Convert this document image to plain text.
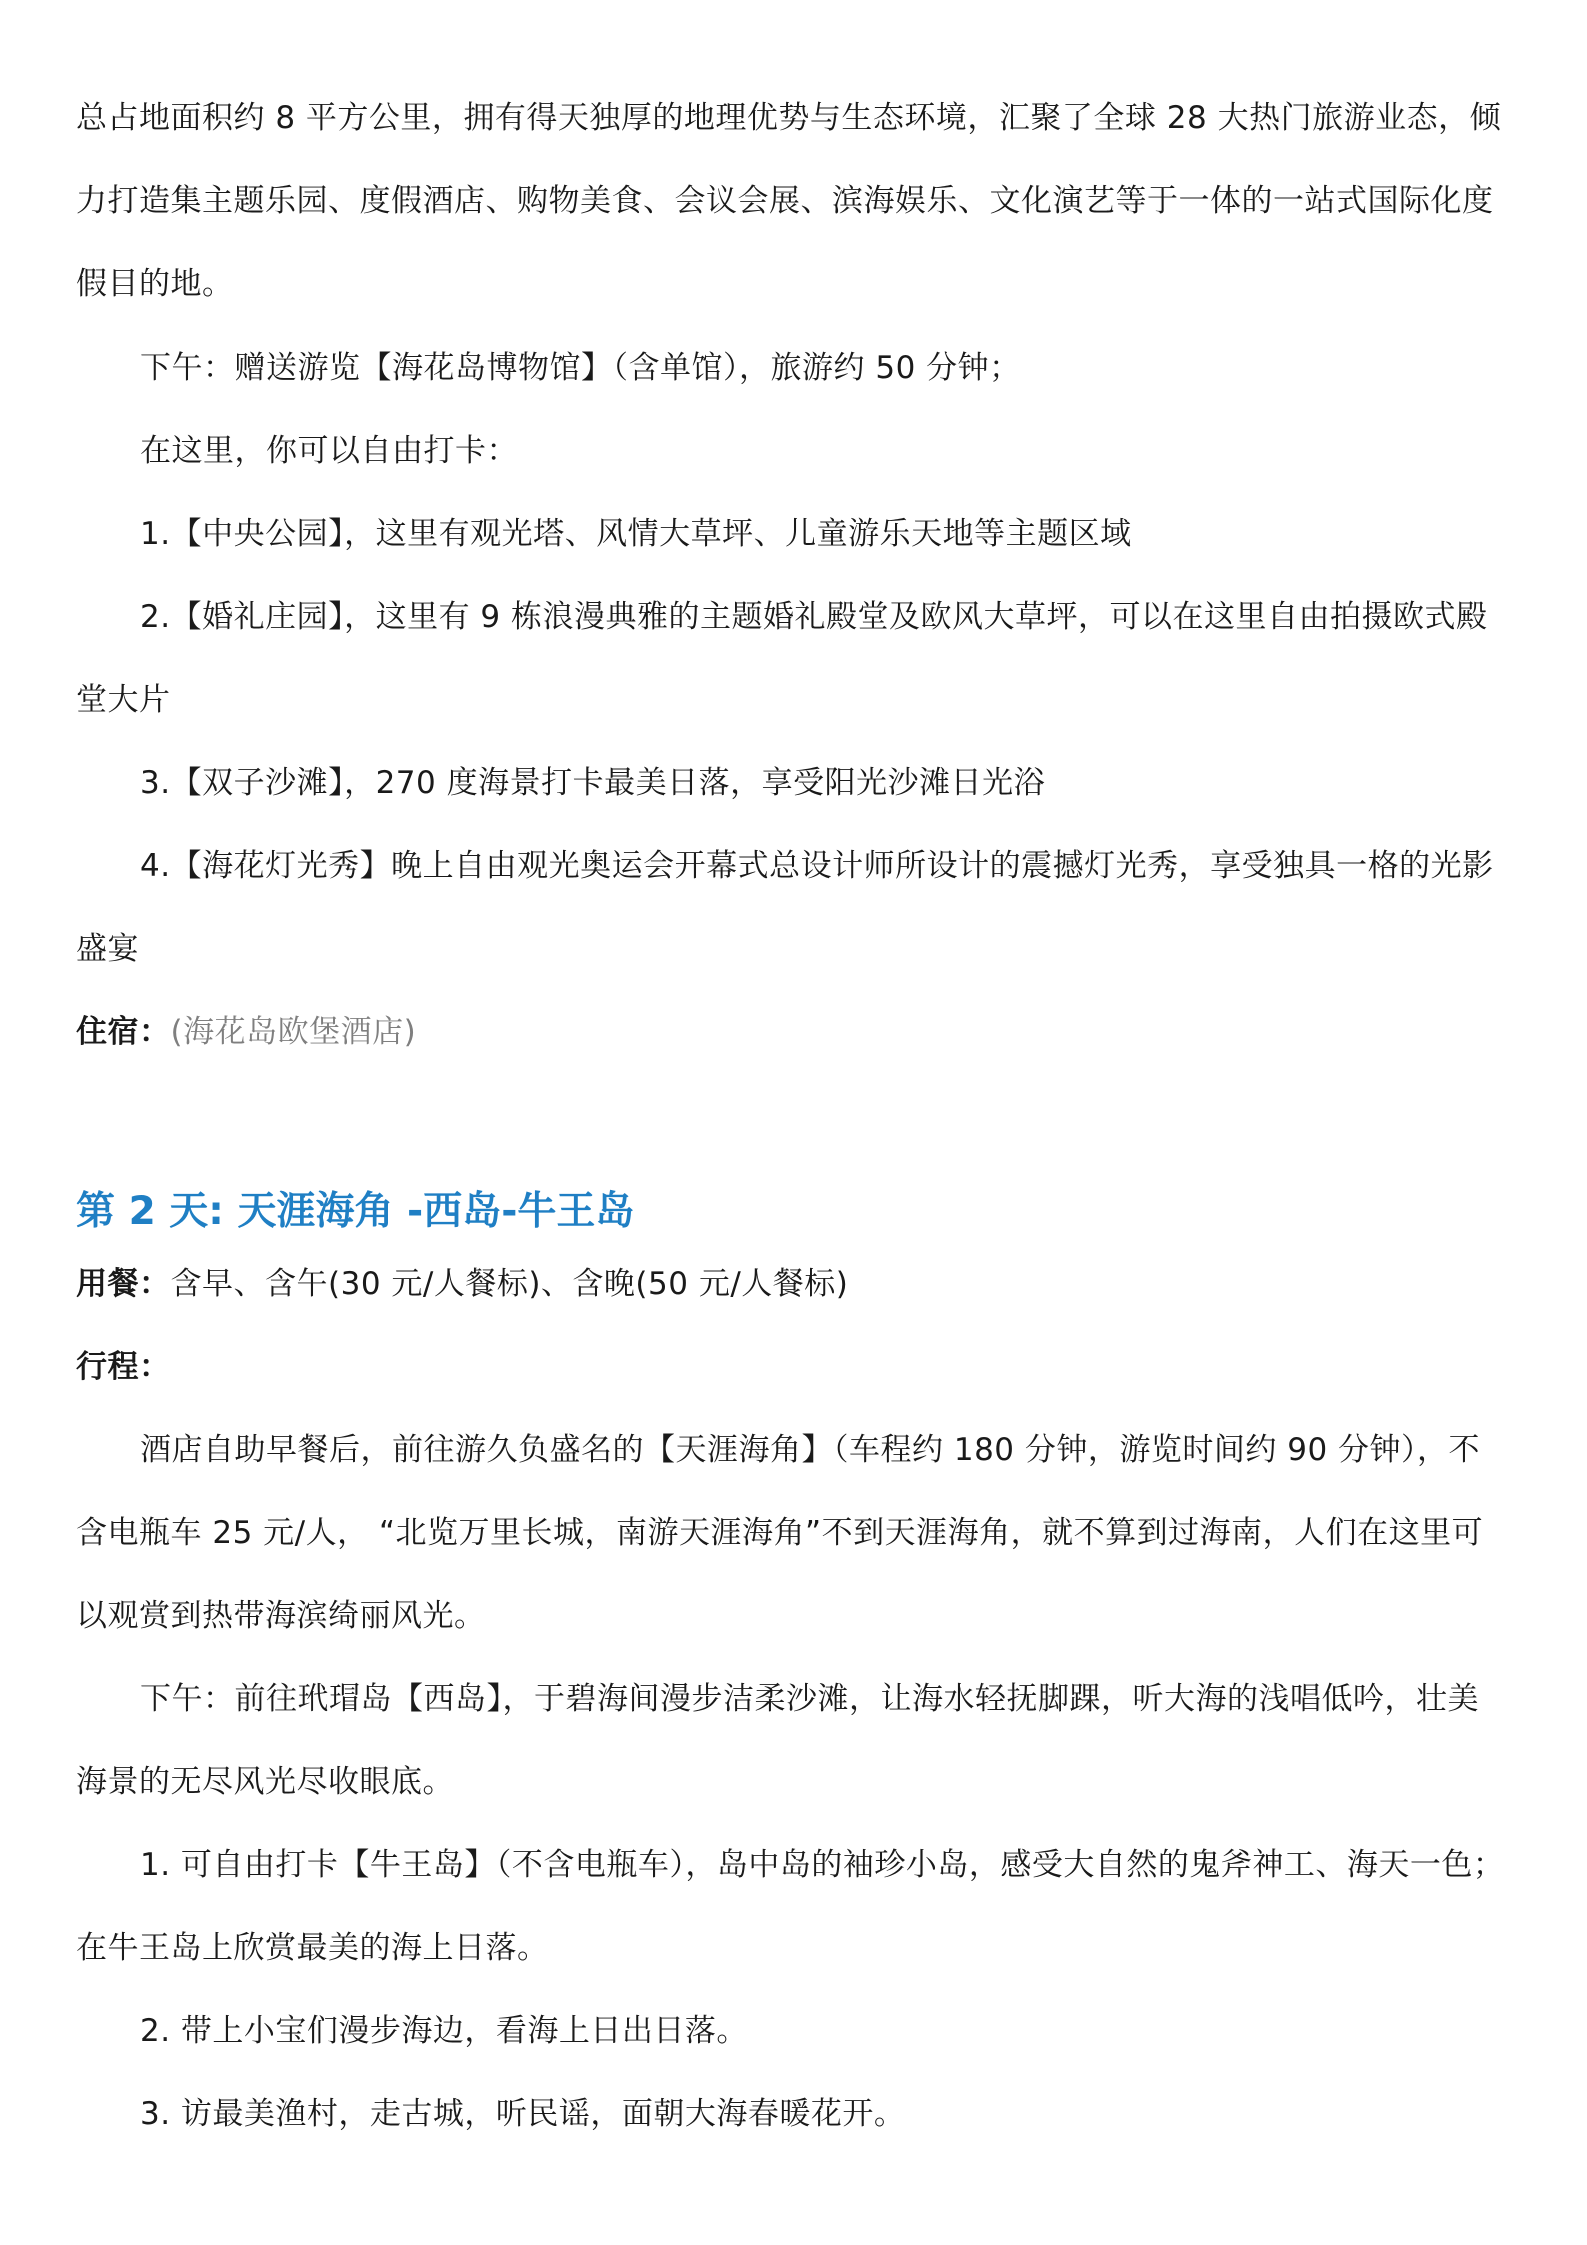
总占地面积约 8 平方公里，拥有得天独厚的地理优势与生态环境，汇聚了全球 28 大热门旅游业态，倾
力打造集主题乐园、度假酒店、购物美食、会议会展、滨海娱乐、文化演艺等于一体的一站式国际化度
假目的地。
下午：赠送游览【海花岛博物馆】（含单馆），旅游约 50 分钟；
在这里，你可以自由打卡：
1.【中央公园】，这里有观光塔、风情大草坪、儿童游乐天地等主题区域
2.【婚礼庄园】，这里有 9 栋浪漫典雅的主题婚礼殿堂及欧风大草坪，可以在这里自由拍摄欧式殿
堂大片
3.【双子沙滩】，270 度海景打卡最美日落，享受阳光沙滩日光浴
4.【海花灯光秀】晚上自由观光奥运会开幕式总设计师所设计的震撼灯光秀，享受独具一格的光影
盛宴
住宿：(海花岛欧堡酒店)
第 2 天: 天涯海角 -西岛-牛王岛
用餐：含早、含午(30 元/人餐标)、含晚(50 元/人餐标)
行程：
酒店自助早餐后，前往游久负盛名的【天涯海角】（车程约 180 分钟，游览时间约 90 分钟），不
含电瓶车 25 元/人， “北览万里长城，南游天涯海角”不到天涯海角，就不算到过海南，人们在这里可
以观赏到热带海滨绮丽风光。
下午：前往玳瑁岛【西岛】，于碧海间漫步洁柔沙滩，让海水轻抚脚踝，听大海的浅唱低吟，壮美
海景的无尽风光尽收眼底。
1. 可自由打卡【牛王岛】（不含电瓶车），岛中岛的袖珍小岛，感受大自然的鬼斧神工、海天一色；
在牛王岛上欣赏最美的海上日落。
2. 带上小宝们漫步海边，看海上日出日落。
3. 访最美渔村，走古城，听民谣，面朝大海春暖花开。
